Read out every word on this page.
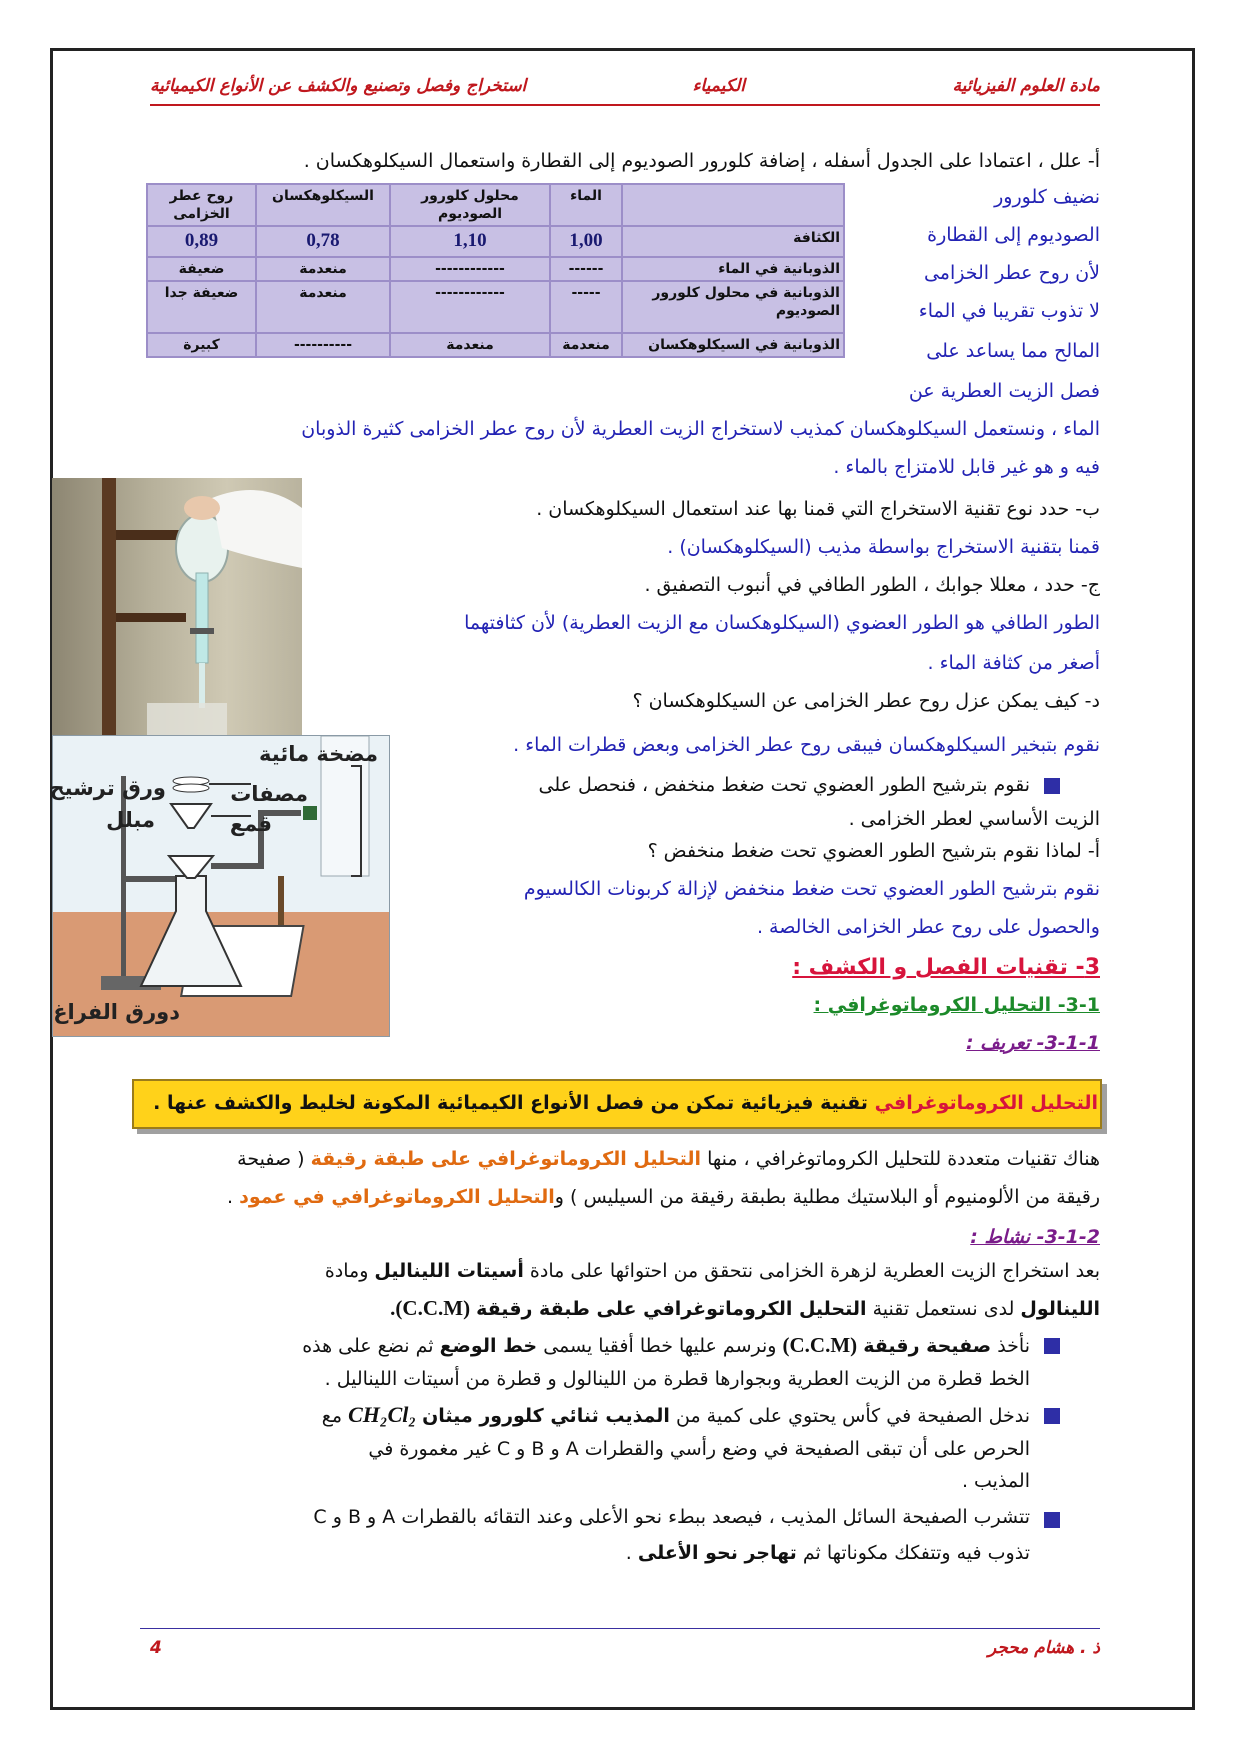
مادة العلوم الفيزيائية
الكيمياء
استخراج وفصل وتصنيع والكشف عن الأنواع الكيميائية
أ- علل ، اعتمادا على الجدول أسفله ، إضافة كلورور الصوديوم إلى القطارة واستعمال السيكلوهكسان .
نضيف كلورور
الصوديوم إلى القطارة
لأن روح عطر الخزامى
لا تذوب تقريبا في الماء
المالح مما يساعد على
فصل الزيت العطرية عن
الماء ، ونستعمل السيكلوهكسان كمذيب لاستخراج الزيت العطرية لأن روح عطر الخزامى كثيرة الذوبان
فيه و هو غير قابل للامتزاج بالماء .
	الماء	محلول كلورور الصوديوم	السيكلوهكسان	روح عطر الخزامى
الكثافة	1,00	1,10	0,78	0,89
الذوبانية في الماء	------	------------	منعدمة	ضعيفة
الذوبانية في محلول كلورور الصوديوم	-----	------------	منعدمة	ضعيفة جدا
الذوبانية في السيكلوهكسان	منعدمة	منعدمة	----------	كبيرة
مضخة مائية
ورق ترشيح
مبلل
مصفات
قمع
دورق الفراغ
ب- حدد نوع تقنية الاستخراج التي قمنا بها عند استعمال السيكلوهكسان .
قمنا بتقنية الاستخراج بواسطة مذيب (السيكلوهكسان) .
ج- حدد ، معللا جوابك ، الطور الطافي في أنبوب التصفيق .
الطور الطافي هو الطور العضوي (السيكلوهكسان مع الزيت العطرية) لأن كثافتهما
أصغر من كثافة الماء .
د- كيف يمكن عزل روح عطر الخزامى عن السيكلوهكسان ؟
نقوم بتبخير السيكلوهكسان فيبقى روح عطر الخزامى وبعض قطرات الماء .
نقوم بترشيح الطور العضوي تحت ضغط منخفض ، فنحصل على
الزيت الأساسي لعطر الخزامى .
أ- لماذا نقوم بترشيح الطور العضوي تحت ضغط منخفض ؟
نقوم بترشيح الطور العضوي تحت ضغط منخفض لإزالة كربونات الكالسيوم
والحصول على روح عطر الخزامى الخالصة .
3- تقنيات الفصل و الكشف :
3-1- التحليل الكروماتوغرافي :
3-1-1- تعريف :
التحليل الكروماتوغرافي تقنية فيزيائية تمكن من فصل الأنواع الكيميائية المكونة لخليط والكشف عنها .
هناك تقنيات متعددة للتحليل الكروماتوغرافي ، منها التحليل الكروماتوغرافي على طبقة رقيقة ( صفيحة
رقيقة من الألومنيوم أو البلاستيك مطلية بطبقة رقيقة من السيليس ) والتحليل الكروماتوغرافي في عمود .
3-1-2- نشاط :
بعد استخراج الزيت العطرية لزهرة الخزامى نتحقق من احتوائها على مادة أسيتات الليناليل ومادة
اللينالول لدى نستعمل تقنية التحليل الكروماتوغرافي على طبقة رقيقة (C.C.M).
نأخذ صفيحة رقيقة (C.C.M) ونرسم عليها خطا أفقيا يسمى خط الوضع ثم نضع على هذه
الخط قطرة من الزيت العطرية وبجوارها قطرة من اللينالول و قطرة من أسيتات الليناليل .
ندخل الصفيحة في كأس يحتوي على كمية من المذيب ثنائي كلورور ميثان CH₂Cl₂ مع
الحرص على أن تبقى الصفيحة في وضع رأسي والقطرات A و B و C غير مغمورة في
المذيب .
تتشرب الصفيحة السائل المذيب ، فيصعد ببطء نحو الأعلى وعند التقائه بالقطرات A و B و C
تذوب فيه وتتفكك مكوناتها ثم تهاجر نحو الأعلى .
ذ . هشام محجر
4
